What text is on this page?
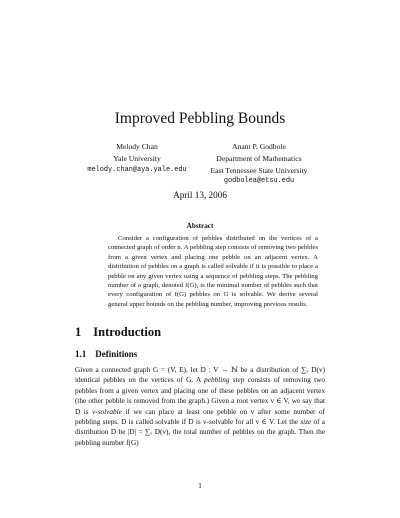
Improved Pebbling Bounds
Melody Chan
Yale University
melody.chan@aya.yale.edu
Anant P. Godbole
Department of Mathematics
East Tennessee State University
godbolea@etsu.edu
April 13, 2006
Abstract
Consider a configuration of pebbles distributed on the vertices of a connected graph of order n. A pebbling step consists of removing two pebbles from a given vertex and placing one pebble on an adjacent vertex. A distribution of pebbles on a graph is called solvable if it is possible to place a pebble on any given vertex using a sequence of pebbling steps. The pebbling number of a graph, denoted f(G), is the minimal number of pebbles such that every configuration of f(G) pebbles on G is solvable. We derive several general upper bounds on the pebbling number, improving previous results.
1 Introduction
1.1 Definitions
Given a connected graph G = (V, E), let D : V → ℕ be a distribution of ∑ᵥ D(v) identical pebbles on the vertices of G. A pebbling step consists of removing two pebbles from a given vertex and placing one of these pebbles on an adjacent vertex (the other pebble is removed from the graph.) Given a root vertex v ∈ V, we say that D is v-solvable if we can place at least one pebble on v after some number of pebbling steps. D is called solvable if D is v-solvable for all v ∈ V. Let the size of a distribution D be |D| = ∑ᵥ D(v), the total number of pebbles on the graph. Then the pebbling number f(G)
1
